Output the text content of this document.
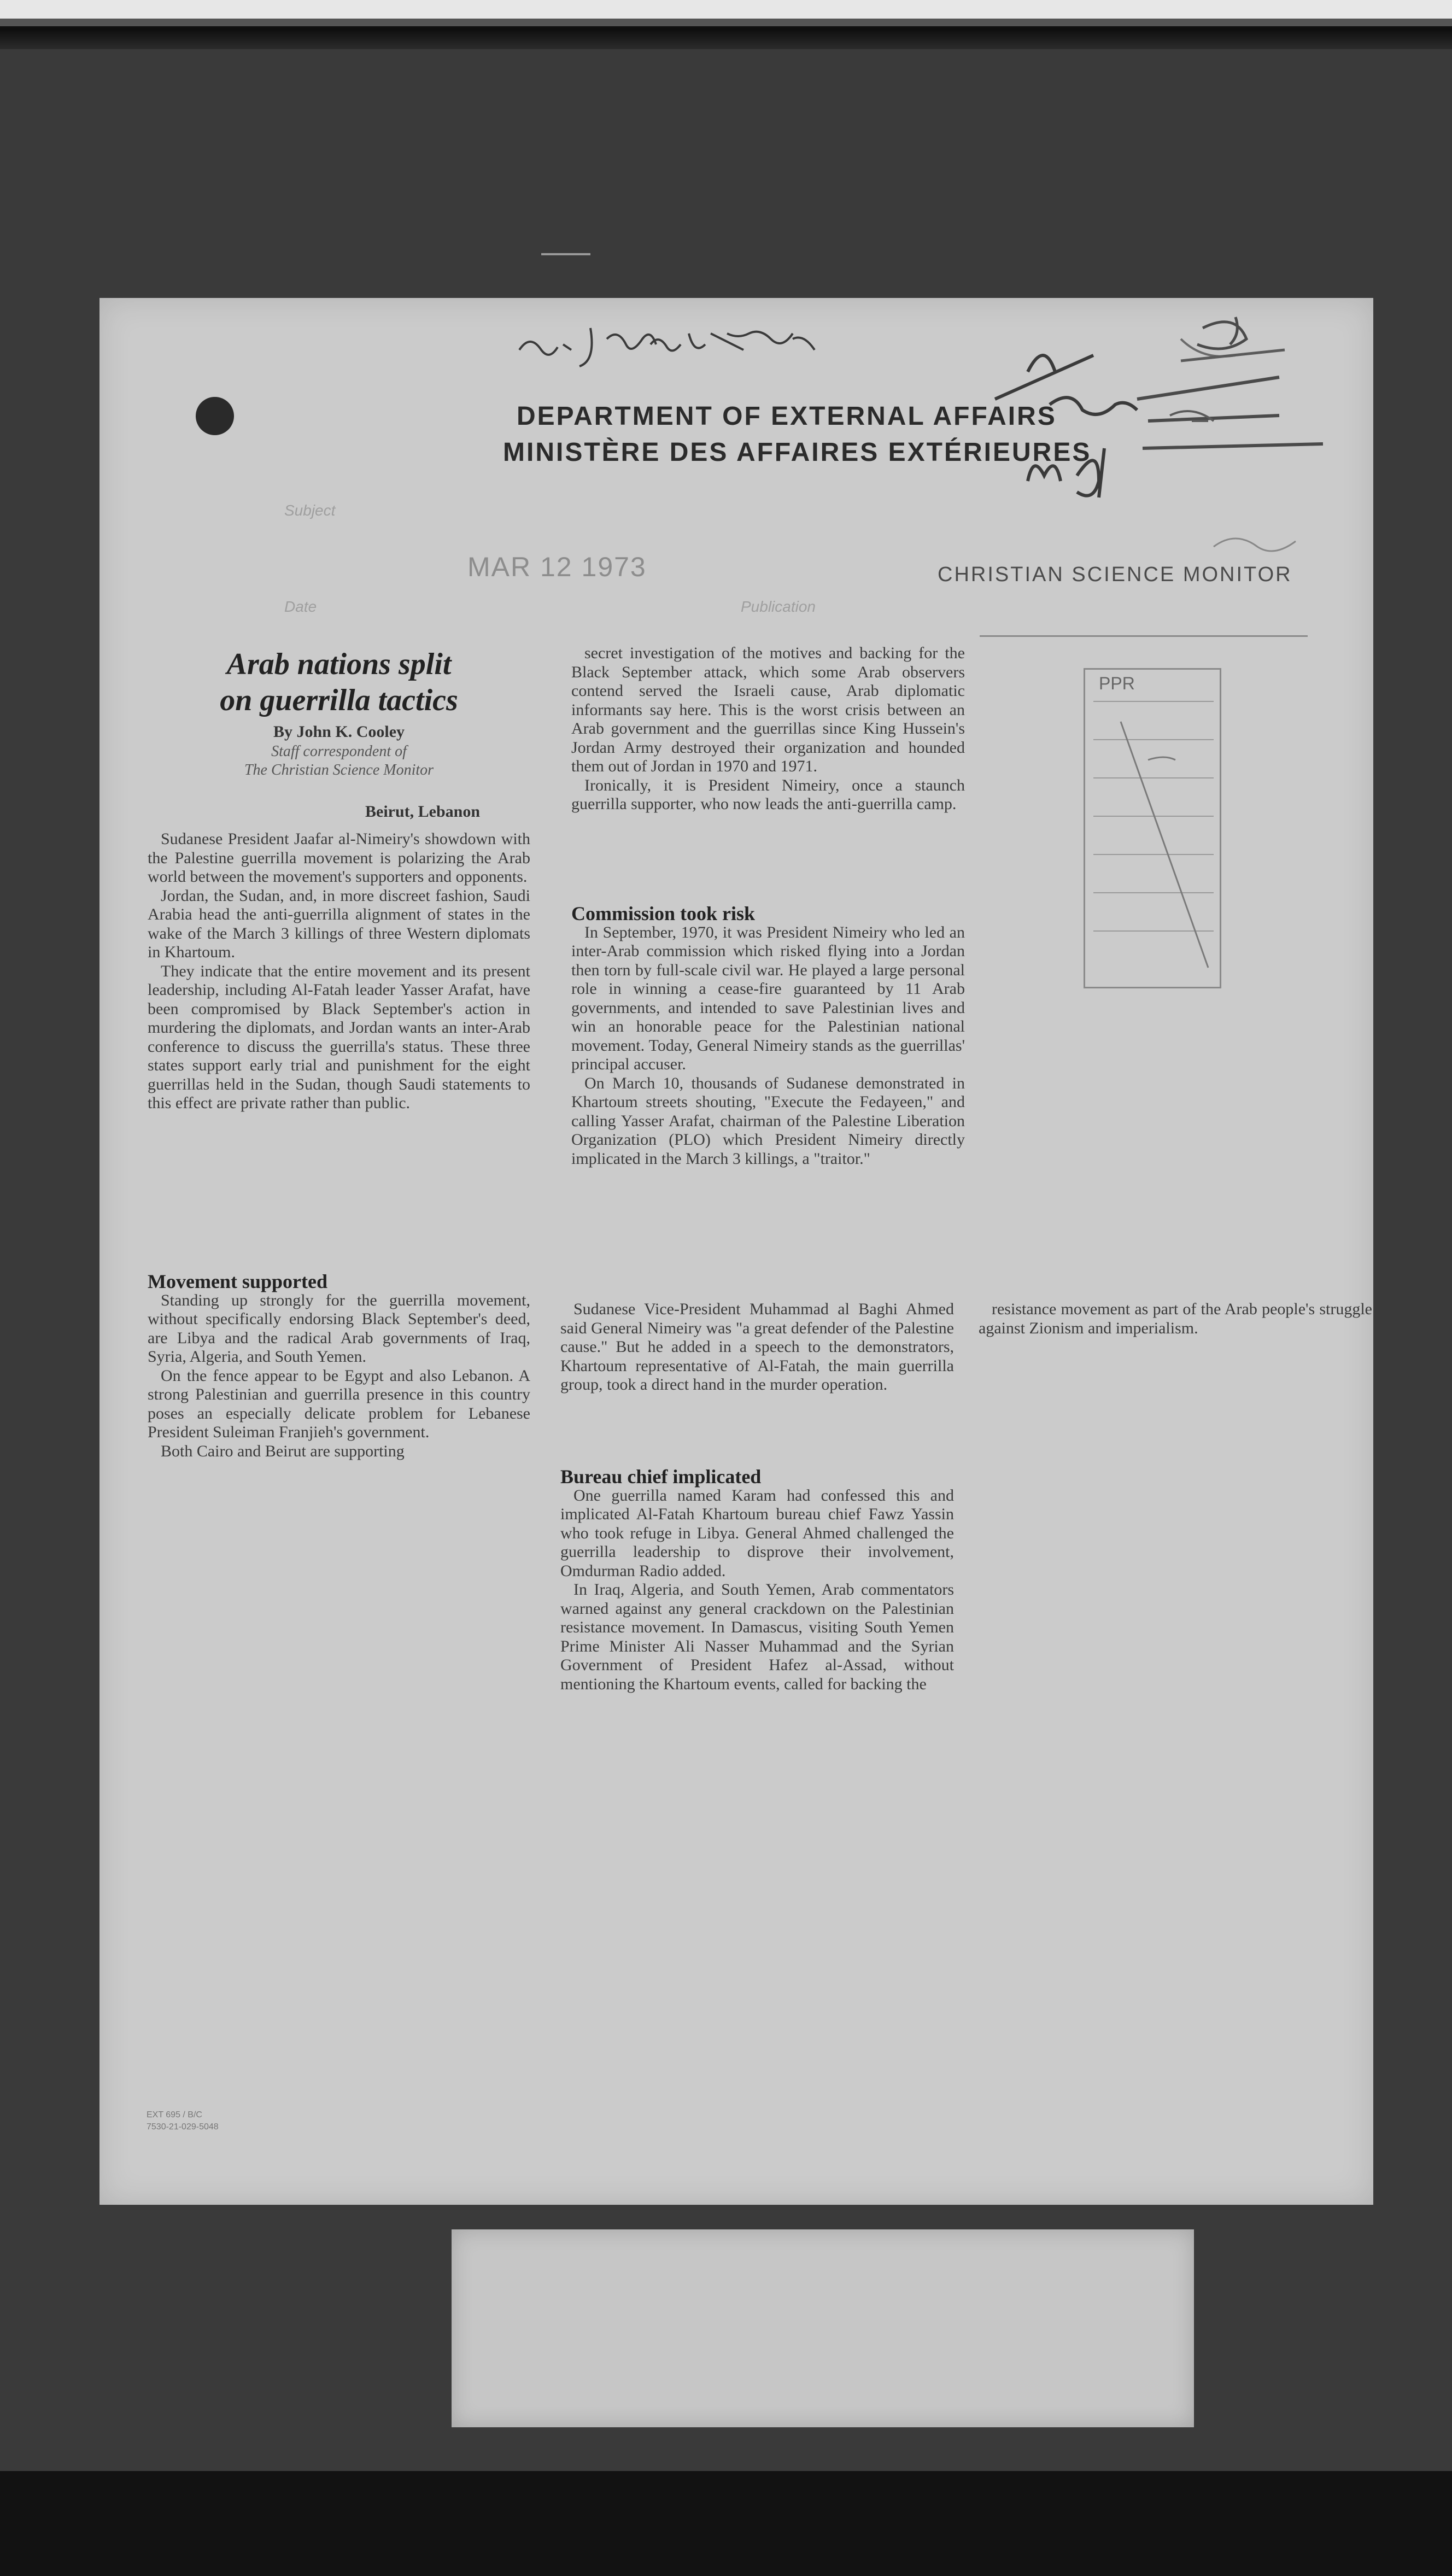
DEPARTMENT OF EXTERNAL AFFAIRS
MINISTÈRE DES AFFAIRES EXTÉRIEURES
Subject
MAR 12 1973	CHRISTIAN SCIENCE MONITOR
Date	Publication
PPR
Arab nations split
on guerrilla tactics
By John K. Cooley
Staff correspondent of
The Christian Science Monitor
Beirut, Lebanon

Sudanese President Jaafar al-Nimeiry's showdown with the Palestine guerrilla movement is polarizing the Arab world between the movement's supporters and opponents.

Jordan, the Sudan, and, in more discreet fashion, Saudi Arabia head the anti-guerrilla alignment of states in the wake of the March 3 killings of three Western diplomats in Khartoum.

They indicate that the entire movement and its present leadership, including Al-Fatah leader Yasser Arafat, have been compromised by Black September's action in murdering the diplomats, and Jordan wants an inter-Arab conference to discuss the guerrilla's status. These three states support early trial and punishment for the eight guerrillas held in the Sudan, though Saudi statements to this effect are private rather than public.

Movement supported

Standing up strongly for the guerrilla movement, without specifically endorsing Black September's deed, are Libya and the radical Arab governments of Iraq, Syria, Algeria, and South Yemen.

On the fence appear to be Egypt and also Lebanon. A strong Palestinian and guerrilla presence in this country poses an especially delicate problem for Lebanese President Suleiman Franjieh's government.

Both Cairo and Beirut are supporting

secret investigation of the motives and backing for the Black September attack, which some Arab observers contend served the Israeli cause, Arab diplomatic informants say here. This is the worst crisis between an Arab government and the guerrillas since King Hussein's Jordan Army destroyed their organization and hounded them out of Jordan in 1970 and 1971.

Ironically, it is President Nimeiry, once a staunch guerrilla supporter, who now leads the anti-guerrilla camp.

Commission took risk

In September, 1970, it was President Nimeiry who led an inter-Arab commission which risked flying into a Jordan then torn by full-scale civil war. He played a large personal role in winning a cease-fire guaranteed by 11 Arab governments, and intended to save Palestinian lives and win an honorable peace for the Palestinian national movement. Today, General Nimeiry stands as the guerrillas' principal accuser.

On March 10, thousands of Sudanese demonstrated in Khartoum streets shouting, "Execute the Fedayeen," and calling Yasser Arafat, chairman of the Palestine Liberation Organization (PLO) which President Nimeiry directly implicated in the March 3 killings, a "traitor."

Sudanese Vice-President Muhammad al Baghi Ahmed said General Nimeiry was "a great defender of the Palestine cause." But he added in a speech to the demonstrators, Khartoum representative of Al-Fatah, the main guerrilla group, took a direct hand in the murder operation.

Bureau chief implicated

One guerrilla named Karam had confessed this and implicated Al-Fatah Khartoum bureau chief Fawz Yassin who took refuge in Libya. General Ahmed challenged the guerrilla leadership to disprove their involvement, Omdurman Radio added.

In Iraq, Algeria, and South Yemen, Arab commentators warned against any general crackdown on the Palestinian resistance movement. In Damascus, visiting South Yemen Prime Minister Ali Nasser Muhammad and the Syrian Government of President Hafez al-Assad, without mentioning the Khartoum events, called for backing the

resistance movement as part of the Arab people's struggle against Zionism and imperialism.

EXT 695 / B/C
7530-21-029-5048
